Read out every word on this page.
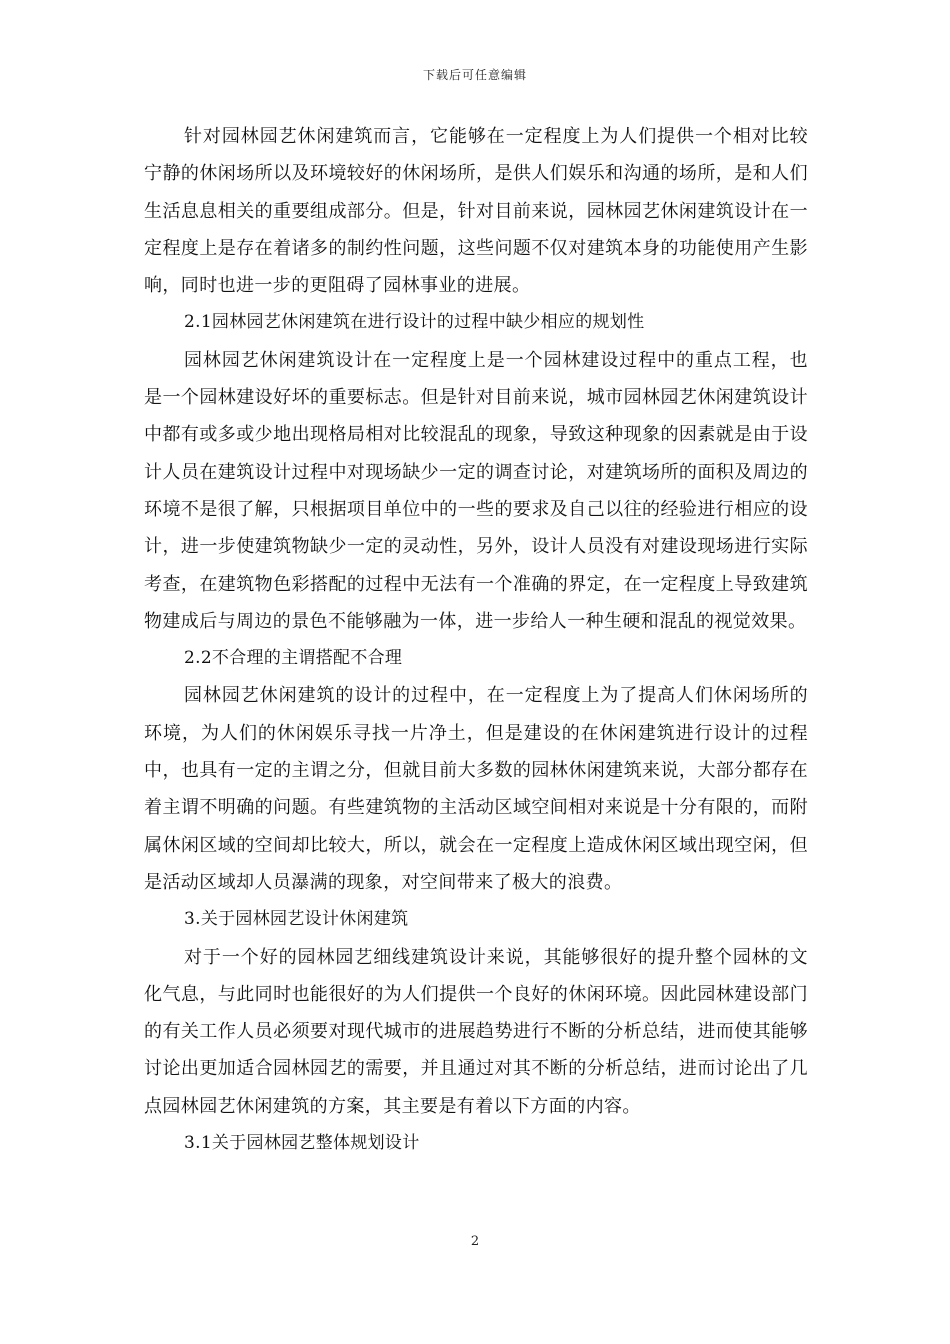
下载后可任意编辑

针对园林园艺休闲建筑而言，它能够在一定程度上为人们提供一个相对比较宁静的休闲场所以及环境较好的休闲场所，是供人们娱乐和沟通的场所，是和人们生活息息相关的重要组成部分。但是，针对目前来说，园林园艺休闲建筑设计在一定程度上是存在着诸多的制约性问题，这些问题不仅对建筑本身的功能使用产生影响，同时也进一步的更阻碍了园林事业的进展。

2.1园林园艺休闲建筑在进行设计的过程中缺少相应的规划性

园林园艺休闲建筑设计在一定程度上是一个园林建设过程中的重点工程，也是一个园林建设好坏的重要标志。但是针对目前来说，城市园林园艺休闲建筑设计中都有或多或少地出现格局相对比较混乱的现象，导致这种现象的因素就是由于设计人员在建筑设计过程中对现场缺少一定的调查讨论，对建筑场所的面积及周边的环境不是很了解，只根据项目单位中的一些的要求及自己以往的经验进行相应的设计，进一步使建筑物缺少一定的灵动性，另外，设计人员没有对建设现场进行实际考查，在建筑物色彩搭配的过程中无法有一个准确的界定，在一定程度上导致建筑物建成后与周边的景色不能够融为一体，进一步给人一种生硬和混乱的视觉效果。

2.2不合理的主谓搭配不合理

园林园艺休闲建筑的设计的过程中，在一定程度上为了提高人们休闲场所的环境，为人们的休闲娱乐寻找一片净土，但是建设的在休闲建筑进行设计的过程中，也具有一定的主谓之分，但就目前大多数的园林休闲建筑来说，大部分都存在着主谓不明确的问题。有些建筑物的主活动区域空间相对来说是十分有限的，而附属休闲区域的空间却比较大，所以，就会在一定程度上造成休闲区域出现空闲，但是活动区域却人员瀑满的现象，对空间带来了极大的浪费。

3.关于园林园艺设计休闲建筑

对于一个好的园林园艺细线建筑设计来说，其能够很好的提升整个园林的文化气息，与此同时也能很好的为人们提供一个良好的休闲环境。因此园林建设部门的有关工作人员必须要对现代城市的进展趋势进行不断的分析总结，进而使其能够讨论出更加适合园林园艺的需要，并且通过对其不断的分析总结，进而讨论出了几点园林园艺休闲建筑的方案，其主要是有着以下方面的内容。

3.1关于园林园艺整体规划设计

2
